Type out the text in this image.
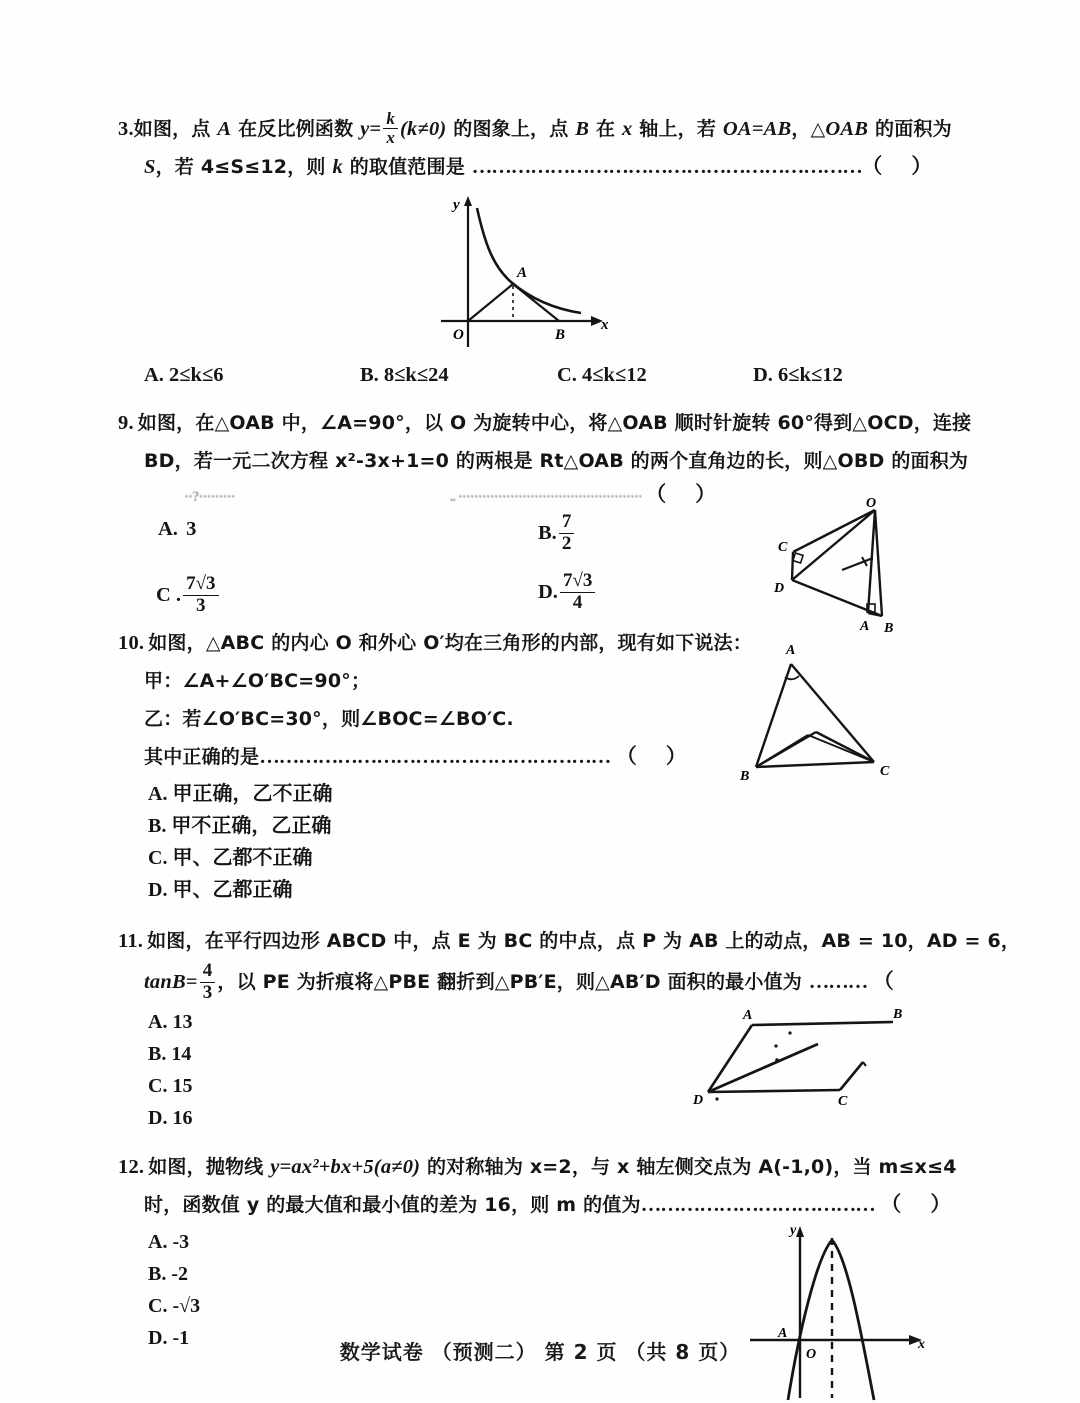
3.如图，点 A 在反比例函数 $y= \frac{k}{x} (k\ne 0)$ 的图象上，点 B 在 x 轴上，若 OA=AB，△OAB 的面积为
S，若 4≤S≤12，则 k 的取值范围是 ……………………………………………………（ ）
y
x
O
A
B
A. 2≤k≤6	B. 8≤k≤24	C. 4≤k≤12	D. 6≤k≤12
9. 如图，在△OAB 中，∠A=90°，以 O 为旋转中心，将△OAB 顺时针旋转 60°得到△OCD，连接
BD，若一元二次方程 x²-3x+1=0 的两根是 Rt△OAB 的两个直角边的长，则△OBD 的面积为
··?·········	.. ·············································· （ ）	O
C
D
A B
A. 3	B. $\frac{7}{2}$
C . $\frac{7√3}{3}$	D. $\frac{7√3}{4}$
10. 如图，△ABC 的内心 O 和外心 O′均在三角形的内部，现有如下说法：
甲：∠A+∠O′BC=90°；
乙：若∠O′BC=30°，则∠BOC=∠BO′C.
其中正确的是……………………………………………… （ ）
A
B	C
A. 甲正确，乙不正确
B. 甲不正确，乙正确
C. 甲、乙都不正确
D. 甲、乙都正确
11. 如图，在平行四边形 ABCD 中，点 E 为 BC 的中点，点 P 为 AB 上的动点，AB = 10，AD = 6，
$\tan B= \frac{4}{3}$ ，以 PE 为折痕将△PBE 翻折到△PB′E，则△AB′D 面积的最小值为 ……… （
A	B
D	C
A. 13
B. 14
C. 15
D. 16
12. 如图，抛物线 y=ax²+bx+5(a≠0) 的对称轴为 x=2，与 x 轴左侧交点为 A(-1,0)，当 m≤x≤4
时，函数值 y 的最大值和最小值的差为 16，则 m 的值为……………………………… （ ）
y
x
O
A
A. -3
B. -2
C. -√3
D. -1
数学试卷 （预测二） 第 2 页 （共 8 页）
